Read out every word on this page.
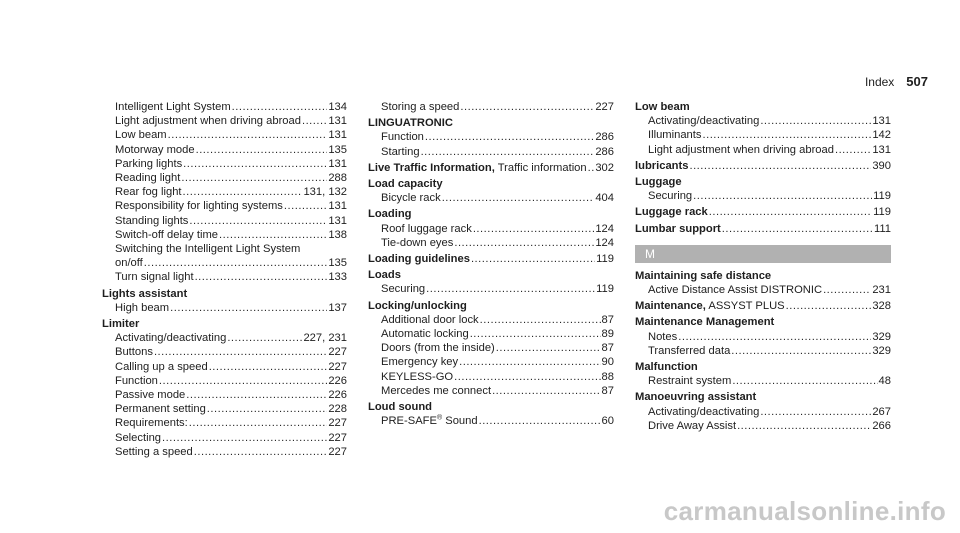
Index 507
Intelligent Light System .....	134
Light adjustment when driving abroad ..... 131
Low beam .....	131
Motorway mode .....	135
Parking lights .....	131
Reading light .....	288
Rear fog light .....	131, 132
Responsibility for lighting systems .....	131
Standing lights .....	131
Switch-off delay time .....	138
Switching the Intelligent Light System
on/off .....	135
Turn signal light .....	133
Lights assistant
High beam .....	137
Limiter
Activating/deactivating .....	227, 231
Buttons .....	227
Calling up a speed .....	227
Function .....	226
Passive mode .....	226
Permanent setting .....	228
Requirements: .....	227
Selecting .....	227
Setting a speed .....	227
Storing a speed .....	227
LINGUATRONIC
Function .....	286
Starting .....	286
Live Traffic Information, Traffic information ..... 302
Load capacity
Bicycle rack .....	404
Loading
Roof luggage rack .....	124
Tie-down eyes .....	124
Loading guidelines .....	119
Loads
Securing .....	119
Locking/unlocking
Additional door lock .....	87
Automatic locking .....	89
Doors (from the inside) .....	87
Emergency key .....	90
KEYLESS-GO .....	88
Mercedes me connect .....	87
Loud sound
PRE-SAFE® Sound .....	60
Low beam
Activating/deactivating .....	131
Illuminants .....	142
Light adjustment when driving abroad .....	131
lubricants .....	390
Luggage
Securing .....	119
Luggage rack .....	119
Lumbar support .....	111
M
Maintaining safe distance
Active Distance Assist DISTRONIC .....	231
Maintenance, ASSYST PLUS .....	328
Maintenance Management
Notes .....	329
Transferred data .....	329
Malfunction
Restraint system .....	48
Manoeuvring assistant
Activating/deactivating .....	267
Drive Away Assist .....	266
carmanualsonline.info
